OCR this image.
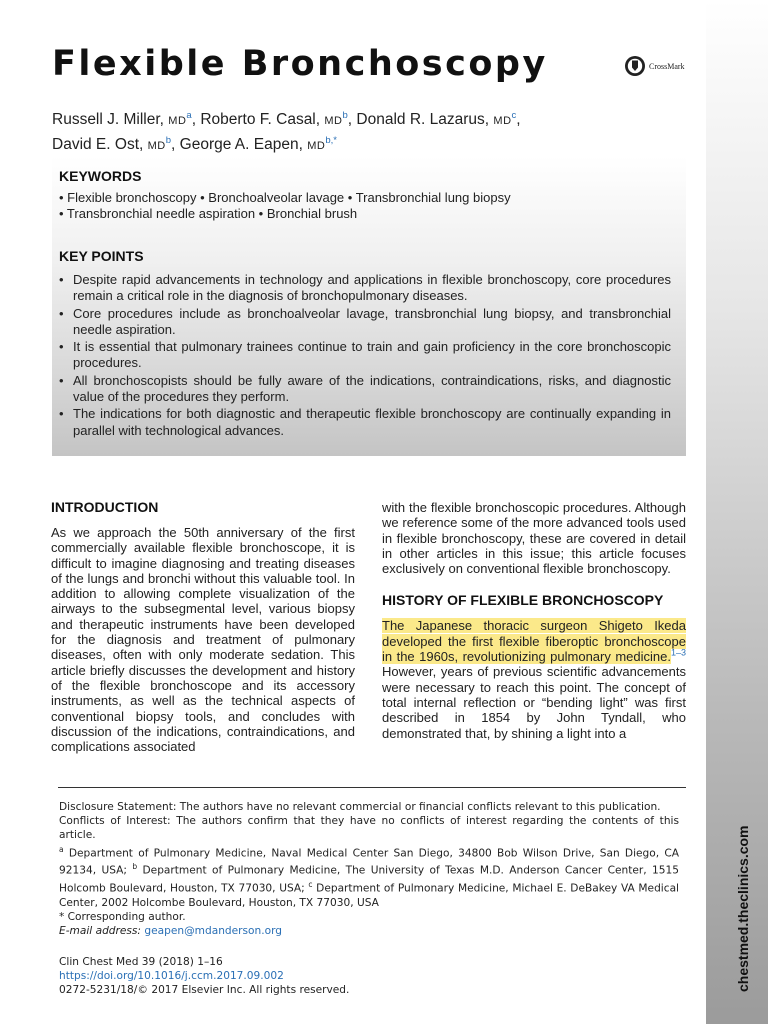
Flexible Bronchoscopy	CrossMark
Russell J. Miller, $MD^a$, Roberto F. Casal, $MD^b$, Donald R. Lazarus, $MD^c$,
David E. Ost, $MD^b$, George A. Eapen, $MD^{b,*}$
KEYWORDS
• Flexible bronchoscopy • Bronchoalveolar lavage • Transbronchial lung biopsy
• Transbronchial needle aspiration • Bronchial brush
KEY POINTS
• Despite rapid advancements in technology and applications in flexible bronchoscopy, core procedures remain a critical role in the diagnosis of bronchopulmonary diseases.
• Core procedures include as bronchoalveolar lavage, transbronchial lung biopsy, and transbronchial needle aspiration.
• It is essential that pulmonary trainees continue to train and gain proficiency in the core bronchoscopic procedures.
• All bronchoscopists should be fully aware of the indications, contraindications, risks, and diagnostic value of the procedures they perform.
• The indications for both diagnostic and therapeutic flexible bronchoscopy are continually expanding in parallel with technological advances.
INTRODUCTION

As we approach the 50th anniversary of the first commercially available flexible bronchoscope, it is difficult to imagine diagnosing and treating diseases of the lungs and bronchi without this valuable tool. In addition to allowing complete visualization of the airways to the subsegmental level, various biopsy and therapeutic instruments have been developed for the diagnosis and treatment of pulmonary diseases, often with only moderate sedation. This article briefly discusses the development and history of the flexible bronchoscope and its accessory instruments, as well as the technical aspects of conventional biopsy tools, and concludes with discussion of the indications, contraindications, and complications associated

with the flexible bronchoscopic procedures. Although we reference some of the more advanced tools used in flexible bronchoscopy, these are covered in detail in other articles in this issue; this article focuses exclusively on conventional flexible bronchoscopy.

HISTORY OF FLEXIBLE BRONCHOSCOPY

The Japanese thoracic surgeon Shigeto Ikeda developed the first flexible fiberoptic bronchoscope in the 1960s, revolutionizing pulmonary medicine.$^{1-3}$ However, years of previous scientific advancements were necessary to reach this point. The concept of total internal reflection or “bending light” was first described in 1854 by John Tyndall, who demonstrated that, by shining a light into a

Disclosure Statement: The authors have no relevant commercial or financial conflicts relevant to this publication.

Conflicts of Interest: The authors confirm that they have no conflicts of interest regarding the contents of this article.

$^a$ Department of Pulmonary Medicine, Naval Medical Center San Diego, 34800 Bob Wilson Drive, San Diego, CA 92134, USA; $^b$ Department of Pulmonary Medicine, The University of Texas M.D. Anderson Cancer Center, 1515 Holcomb Boulevard, Houston, TX 77030, USA; $^c$ Department of Pulmonary Medicine, Michael E. DeBakey VA Medical Center, 2002 Holcombe Boulevard, Houston, TX 77030, USA

* Corresponding author.

E-mail address: geapen@mdanderson.org

Clin Chest Med 39 (2018) 1–16
https://doi.org/10.1016/j.ccm.2017.09.002
0272-5231/18/© 2017 Elsevier Inc. All rights reserved.	chestmed.theclinics.com
